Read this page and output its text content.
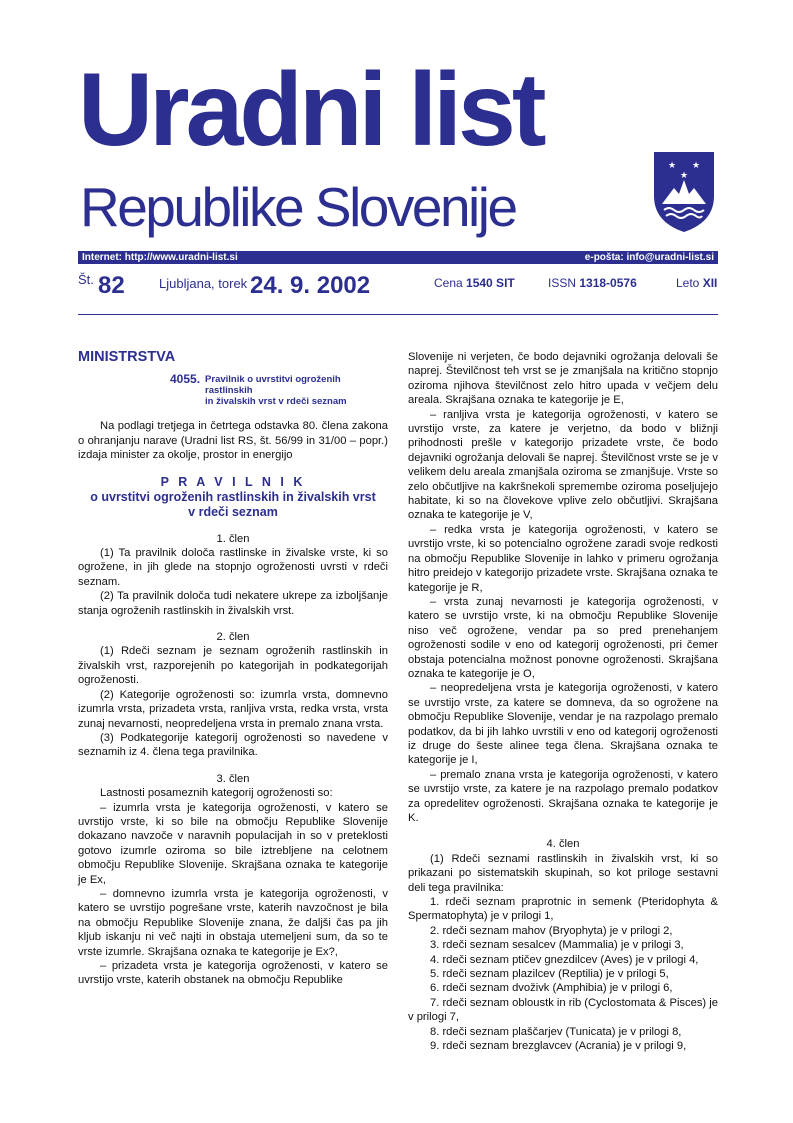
Uradni list
Republike Slovenije
★ ★
★
Internet: http://www.uradni-list.si	e-pošta: info@uradni-list.si
Št. 82	Ljubljana, torek 24. 9. 2002	Cena 1540 SIT	ISSN 1318-0576	Leto XII

MINISTRSTVA

4055. Pravilnik o uvrstitvi ogroženih rastlinskih
in živalskih vrst v rdeči seznam

Na podlagi tretjega in četrtega odstavka 80. člena zakona o ohranjanju narave (Uradni list RS, št. 56/99 in 31/00 – popr.) izdaja minister za okolje, prostor in energijo

P R A V I L N I K

o uvrstitvi ogroženih rastlinskih in živalskih vrst

v rdeči seznam

1. člen

(1) Ta pravilnik določa rastlinske in živalske vrste, ki so ogrožene, in jih glede na stopnjo ogroženosti uvrsti v rdeči seznam.

(2) Ta pravilnik določa tudi nekatere ukrepe za izboljšanje stanja ogroženih rastlinskih in živalskih vrst.

2. člen

(1) Rdeči seznam je seznam ogroženih rastlinskih in živalskih vrst, razporejenih po kategorijah in podkategorijah ogroženosti.

(2) Kategorije ogroženosti so: izumrla vrsta, domnevno izumrla vrsta, prizadeta vrsta, ranljiva vrsta, redka vrsta, vrsta zunaj nevarnosti, neopredeljena vrsta in premalo znana vrsta.

(3) Podkategorije kategorij ogroženosti so navedene v seznamih iz 4. člena tega pravilnika.

3. člen

Lastnosti posameznih kategorij ogroženosti so:

– izumrla vrsta je kategorija ogroženosti, v katero se uvrstijo vrste, ki so bile na območju Republike Slovenije dokazano navzoče v naravnih populacijah in so v preteklosti gotovo izumrle oziroma so bile iztrebljene na celotnem območju Republike Slovenije. Skrajšana oznaka te kategorije je Ex,

– domnevno izumrla vrsta je kategorija ogroženosti, v katero se uvrstijo pogrešane vrste, katerih navzočnost je bila na območju Republike Slovenije znana, že daljši čas pa jih kljub iskanju ni več najti in obstaja utemeljeni sum, da so te vrste izumrle. Skrajšana oznaka te kategorije je Ex?,

– prizadeta vrsta je kategorija ogroženosti, v katero se uvrstijo vrste, katerih obstanek na območju Republike

Slovenije ni verjeten, če bodo dejavniki ogrožanja delovali še naprej. Številčnost teh vrst se je zmanjšala na kritično stopnjo oziroma njihova številčnost zelo hitro upada v večjem delu areala. Skrajšana oznaka te kategorije je E,

– ranljiva vrsta je kategorija ogroženosti, v katero se uvrstijo vrste, za katere je verjetno, da bodo v bližnji prihodnosti prešle v kategorijo prizadete vrste, če bodo dejavniki ogrožanja delovali še naprej. Številčnost vrste se je v velikem delu areala zmanjšala oziroma se zmanjšuje. Vrste so zelo občutljive na kakršnekoli spremembe oziroma poseljujejo habitate, ki so na človekove vplive zelo občutljivi. Skrajšana oznaka te kategorije je V,

– redka vrsta je kategorija ogroženosti, v katero se uvrstijo vrste, ki so potencialno ogrožene zaradi svoje redkosti na območju Republike Slovenije in lahko v primeru ogrožanja hitro preidejo v kategorijo prizadete vrste. Skrajšana oznaka te kategorije je R,

– vrsta zunaj nevarnosti je kategorija ogroženosti, v katero se uvrstijo vrste, ki na območju Republike Slovenije niso več ogrožene, vendar pa so pred prenehanjem ogroženosti sodile v eno od kategorij ogroženosti, pri čemer obstaja potencialna možnost ponovne ogroženosti. Skrajšana oznaka te kategorije je O,

– neopredeljena vrsta je kategorija ogroženosti, v katero se uvrstijo vrste, za katere se domneva, da so ogrožene na območju Republike Slovenije, vendar je na razpolago premalo podatkov, da bi jih lahko uvrstili v eno od kategorij ogroženosti iz druge do šeste alinee tega člena. Skrajšana oznaka te kategorije je I,

– premalo znana vrsta je kategorija ogroženosti, v katero se uvrstijo vrste, za katere je na razpolago premalo podatkov za opredelitev ogroženosti. Skrajšana oznaka te kategorije je K.

4. člen

(1) Rdeči seznami rastlinskih in živalskih vrst, ki so prikazani po sistematskih skupinah, so kot priloge sestavni deli tega pravilnika:

1. rdeči seznam praprotnic in semenk (Pteridophyta & Spermatophyta) je v prilogi 1,

2. rdeči seznam mahov (Bryophyta) je v prilogi 2,

3. rdeči seznam sesalcev (Mammalia) je v prilogi 3,

4. rdeči seznam ptičev gnezdilcev (Aves) je v prilogi 4,

5. rdeči seznam plazilcev (Reptilia) je v prilogi 5,

6. rdeči seznam dvoživk (Amphibia) je v prilogi 6,

7. rdeči seznam obloustk in rib (Cyclostomata & Pisces) je v prilogi 7,

8. rdeči seznam plaščarjev (Tunicata) je v prilogi 8,

9. rdeči seznam brezglavcev (Acrania) je v prilogi 9,
